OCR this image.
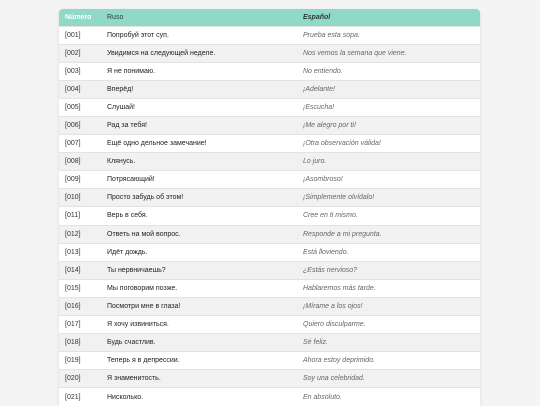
Número	Ruso	Español
[001]	Попробуй этот суп.	Prueba esta sopa.
[002]	Увидимся на следующей неделе.	Nos vemos la semana que viene.
[003]	Я не понимаю.	No entiendo.
[004]	Вперёд!	¡Adelante!
[005]	Слушай!	¡Escucha!
[006]	Рад за тебя!	¡Me alegro por ti!
[007]	Ещё одно дельное замечание!	¡Otra observación válida!
[008]	Клянусь.	Lo juro.
[009]	Потрясающий!	¡Asombroso!
[010]	Просто забудь об этом!	¡Simplemente olvídalo!
[011]	Верь в себя.	Cree en ti mismo.
[012]	Ответь на мой вопрос.	Responde a mi pregunta.
[013]	Идёт дождь.	Está lloviendo.
[014]	Ты нервничаешь?	¿Estás nervioso?
[015]	Мы поговорим позже.	Hablaremos más tarde.
[016]	Посмотри мне в глаза!	¡Mírame a los ojos!
[017]	Я хочу извиниться.	Quiero disculparme.
[018]	Будь счастлив.	Sé feliz.
[019]	Теперь я в депрессии.	Ahora estoy deprimido.
[020]	Я знаменитость.	Soy una celebridad.
[021]	Нисколько.	En absoluto.
